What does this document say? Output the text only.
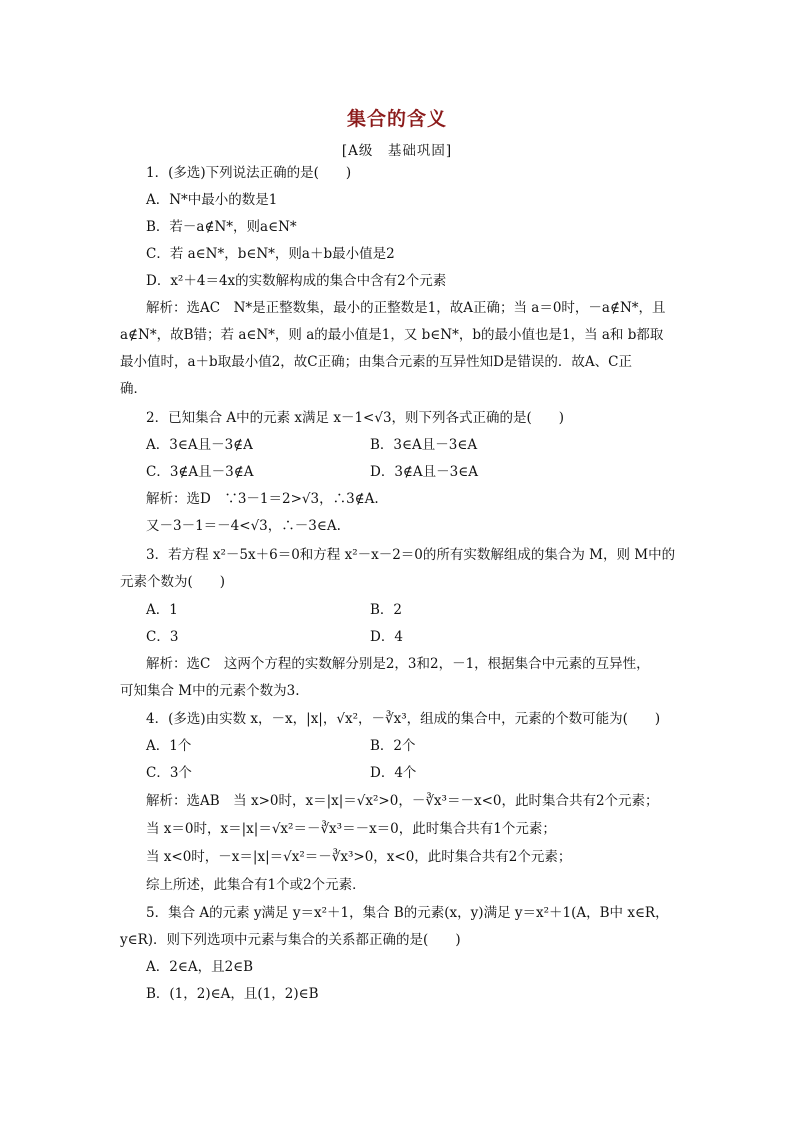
集合的含义
[A级　基础巩固]
1．(多选)下列说法正确的是(　　)
A．N*中最小的数是1
B．若－a∉N*，则a∈N*
C．若 a∈N*，b∈N*，则a＋b最小值是2
D．x²＋4＝4x的实数解构成的集合中含有2个元素
解析：选AC　N*是正整数集，最小的正整数是1，故A正确；当 a＝0时，－a∉N*，且
a∉N*，故B错；若 a∈N*，则 a的最小值是1，又 b∈N*，b的最小值也是1，当 a和 b都取
最小值时，a＋b取最小值2，故C正确；由集合元素的互异性知D是错误的．故A、C正
确．
2．已知集合 A中的元素 x满足 x－1<√3，则下列各式正确的是(　　)
A．3∈A且－3∉A	B．3∈A且－3∈A
C．3∉A且－3∉A	D．3∉A且－3∈A
解析：选D　∵3－1＝2>√3，∴3∉A.
又－3－1＝－4<√3，∴－3∈A.
3．若方程 x²－5x＋6＝0和方程 x²－x－2＝0的所有实数解组成的集合为 M，则 M中的
元素个数为(　　)
A．1	B．2
C．3	D．4
解析：选C　这两个方程的实数解分别是2，3和2，－1，根据集合中元素的互异性，
可知集合 M中的元素个数为3.
4．(多选)由实数 x，－x，|x|，√x²，－∛x³，组成的集合中，元素的个数可能为(　　)
A．1个	B．2个
C．3个	D．4个
解析：选AB　当 x>0时，x＝|x|＝√x²>0，－∛x³＝－x<0，此时集合共有2个元素；
当 x＝0时，x＝|x|＝√x²＝－∛x³＝－x＝0，此时集合共有1个元素；
当 x<0时，－x＝|x|＝√x²＝－∛x³>0，x<0，此时集合共有2个元素；
综上所述，此集合有1个或2个元素．
5．集合 A的元素 y满足 y＝x²＋1，集合 B的元素(x，y)满足 y＝x²＋1(A，B中 x∈R，
y∈R)．则下列选项中元素与集合的关系都正确的是(　　)
A．2∈A，且2∈B
B．(1，2)∈A，且(1，2)∈B
